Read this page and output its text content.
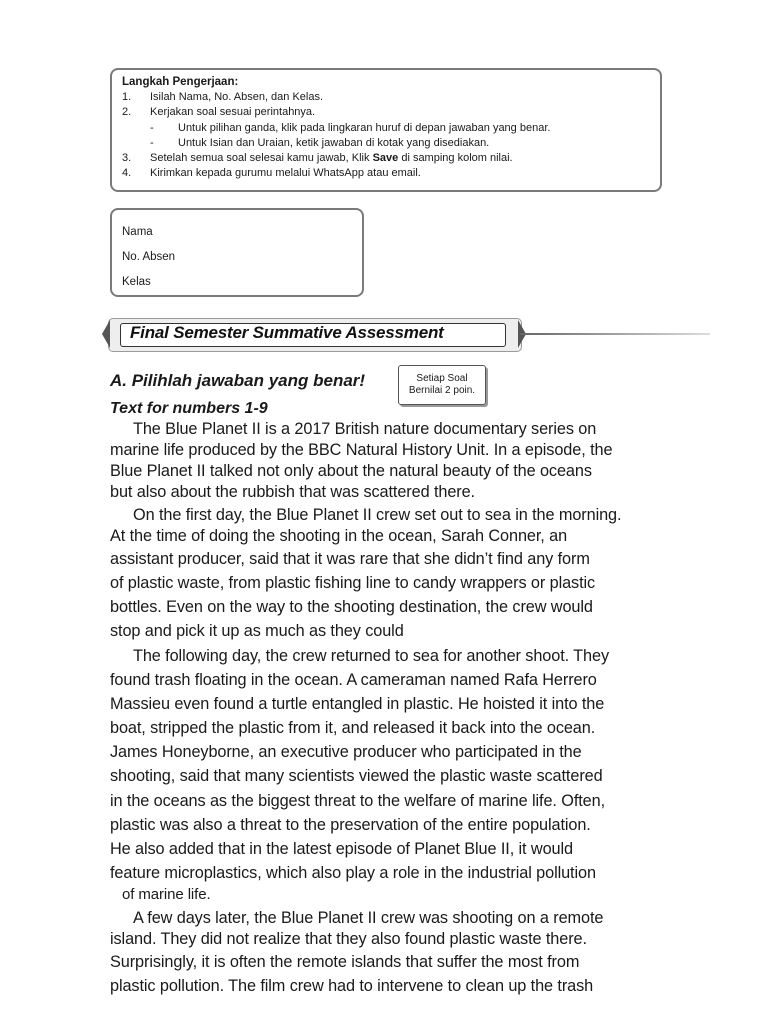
Langkah Pengerjaan:
1.	Isilah Nama, No. Absen, dan Kelas.
2.	Kerjakan soal sesuai perintahnya.
-	Untuk pilihan ganda, klik pada lingkaran huruf di depan jawaban yang benar.
-	Untuk Isian dan Uraian, ketik jawaban di kotak yang disediakan.
3.	Setelah semua soal selesai kamu jawab, Klik Save di samping kolom nilai.
4.	Kirimkan kepada gurumu melalui WhatsApp atau email.
Nama
No. Absen
Kelas
Final Semester Summative Assessment
A. Pilihlah jawaban yang benar!	Setiap Soal
Bernilai 2 poin.
Text for numbers 1-9
The Blue Planet II is a 2017 British nature documentary series on
marine life produced by the BBC Natural History Unit. In a episode, the
Blue Planet II talked not only about the natural beauty of the oceans
but also about the rubbish that was scattered there.
On the first day, the Blue Planet II crew set out to sea in the morning.
At the time of doing the shooting in the ocean, Sarah Conner, an
assistant producer, said that it was rare that she didn’t find any form
of plastic waste, from plastic fishing line to candy wrappers or plastic
bottles. Even on the way to the shooting destination, the crew would
stop and pick it up as much as they could
The following day, the crew returned to sea for another shoot. They
found trash floating in the ocean. A cameraman named Rafa Herrero
Massieu even found a turtle entangled in plastic. He hoisted it into the
boat, stripped the plastic from it, and released it back into the ocean.
James Honeyborne, an executive producer who participated in the
shooting, said that many scientists viewed the plastic waste scattered
in the oceans as the biggest threat to the welfare of marine life. Often,
plastic was also a threat to the preservation of the entire population.
He also added that in the latest episode of Planet Blue II, it would
feature microplastics, which also play a role in the industrial pollution
of marine life.
A few days later, the Blue Planet II crew was shooting on a remote
island. They did not realize that they also found plastic waste there.
Surprisingly, it is often the remote islands that suffer the most from
plastic pollution. The film crew had to intervene to clean up the trash
